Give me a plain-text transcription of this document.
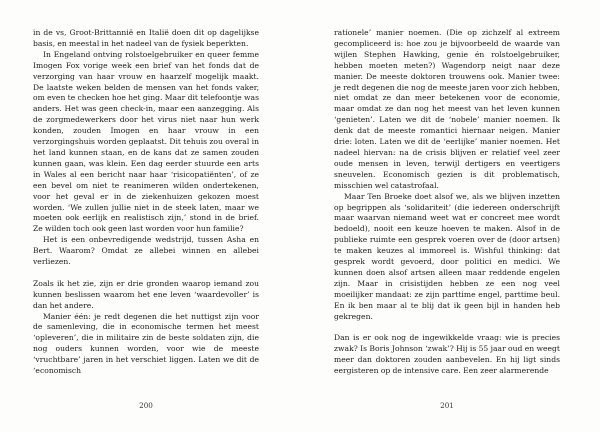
in de vs, Groot-Brittannië en Italië doen dit op dagelijkse basis, en meestal in het nadeel van de fysiek beperkten.

In Engeland ontving rolstoelgebruiker en queer femme Imogen Fox vorige week een brief van het fonds dat de verzorging van haar vrouw en haarzelf mogelijk maakt. De laatste weken belden de mensen van het fonds vaker, om even te checken hoe het ging. Maar dit telefoontje was anders. Het was geen check-in, maar een aanzegging. Als de zorgmedewerkers door het virus niet naar hun werk konden, zouden Imogen en haar vrouw in een verzorgingshuis worden geplaatst. Dit tehuis zou overal in het land kunnen staan, en de kans dat ze samen zouden kunnen gaan, was klein. Een dag eerder stuurde een arts in Wales al een bericht naar haar ‘risicopatiënten’, of ze een bevel om niet te reanimeren wilden ondertekenen, voor het geval er in de ziekenhuizen gekozen moest worden. ‘We zullen jullie niet in de steek laten, maar we moeten ook eerlijk en realistisch zijn,’ stond in de brief. Ze wilden toch ook geen last worden voor hun familie?

Het is een onbevredigende wedstrijd, tussen Asha en Bert. Waarom? Omdat ze allebei winnen en allebei verliezen.

Zoals ik het zie, zijn er drie gronden waarop iemand zou kunnen beslissen waarom het ene leven ‘waardevoller’ is dan het andere.

Manier één: je redt degenen die het nuttigst zijn voor de samenleving, die in economische termen het meest ‘opleveren’, die in militaire zin de beste soldaten zijn, die nog ouders kunnen worden, voor wie de meeste ‘vruchtbare’ jaren in het verschiet liggen. Laten we dit de ‘economisch

200

rationele’ manier noemen. (Die op zichzelf al extreem gecompliceerd is: hoe zou je bijvoorbeeld de waarde van wijlen Stephen Hawking, genie én rolstoelgebruiker, hebben moeten meten?) Wagendorp neigt naar deze manier. De meeste doktoren trouwens ook. Manier twee: je redt degenen die nog de meeste jaren voor zich hebben, niet omdat ze dan meer betekenen voor de economie, maar omdat ze dan nog het meest van het leven kunnen ‘genieten’. Laten we dit de ‘nobele’ manier noemen. Ik denk dat de meeste romantici hiernaar neigen. Manier drie: loten. Laten we dit de ‘eerlijke’ manier noemen. Het nadeel hiervan: na de crisis blijven er relatief veel zeer oude mensen in leven, terwijl dertigers en veertigers sneuvelen. Economisch gezien is dit problematisch, misschien wel catastrofaal.

Maar Ten Broeke doet alsof we, als we blijven inzetten op begrippen als ‘solidariteit’ (die iedereen onderschrijft maar waarvan niemand weet wat er concreet mee wordt bedoeld), nooit een keuze hoeven te maken. Alsof in de publieke ruimte een gesprek voeren over de (door artsen) te maken keuzes al immoreel is. Wishful thinking: dat gesprek wordt gevoerd, door politici en medici. We kunnen doen alsof artsen alleen maar reddende engelen zijn. Maar in crisistijden hebben ze een nog veel moeilijker mandaat: ze zijn parttime engel, parttime beul. En ik ben maar al te blij dat ik geen bijl in handen heb gekregen.

Dan is er ook nog de ingewikkelde vraag: wie is precies zwak? Is Boris Johnson ‘zwak’? Hij is 55 jaar oud en weegt meer dan doktoren zouden aanbevelen. En hij ligt sinds eergisteren op de intensive care. Een zeer alarmerende

201
